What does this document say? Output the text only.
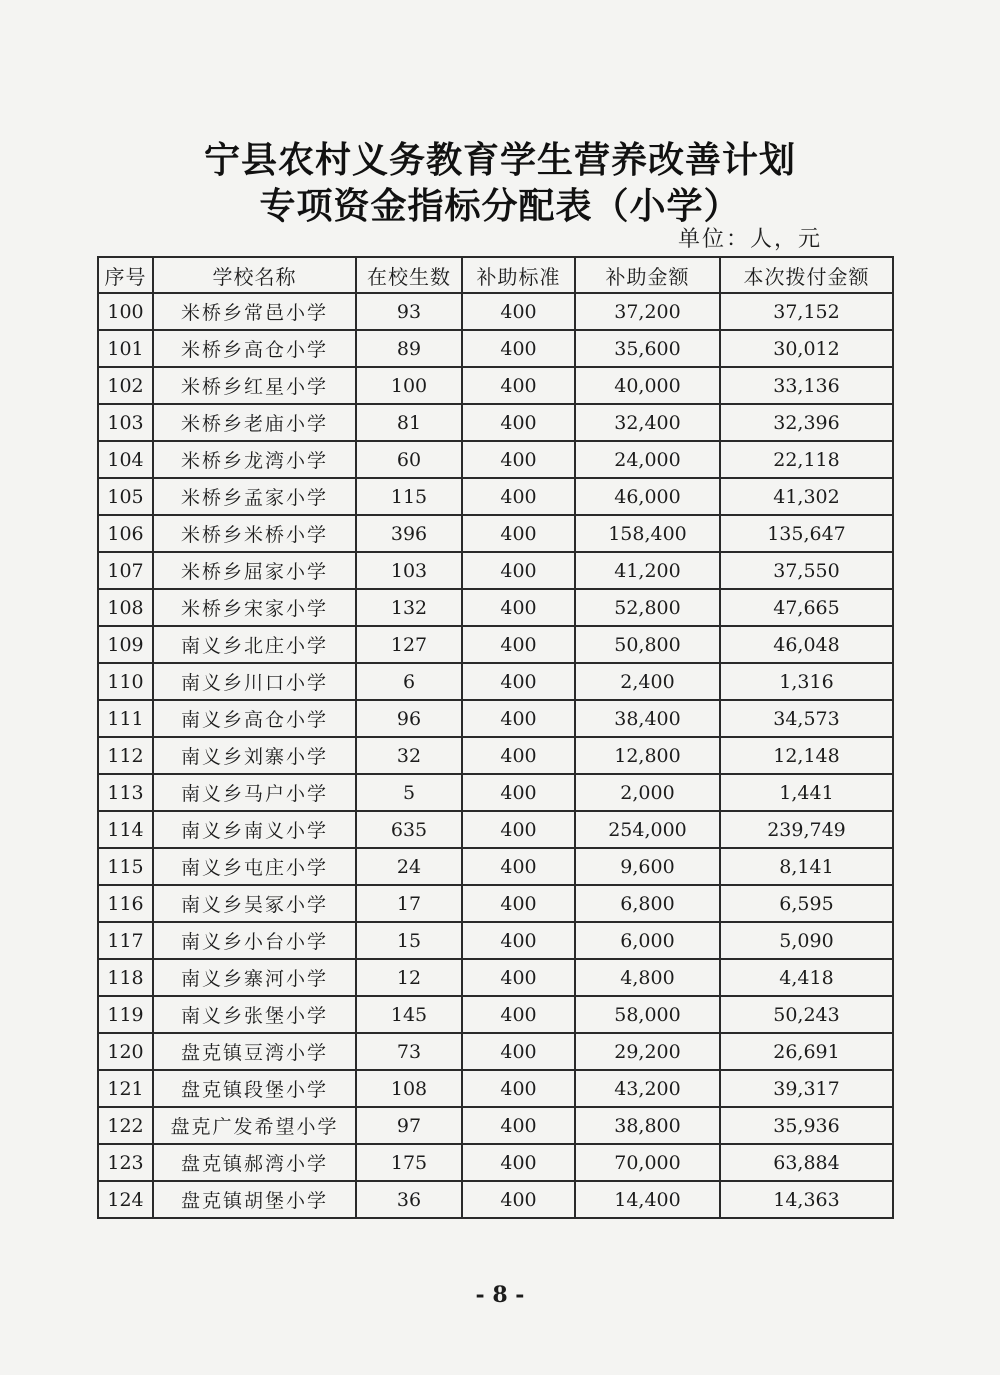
宁县农村义务教育学生营养改善计划
专项资金指标分配表（小学）
单位：人，元
序号	学校名称	在校生数	补助标准	补助金额	本次拨付金额
100	米桥乡常邑小学	93	400	37,200	37,152
101	米桥乡高仓小学	89	400	35,600	30,012
102	米桥乡红星小学	100	400	40,000	33,136
103	米桥乡老庙小学	81	400	32,400	32,396
104	米桥乡龙湾小学	60	400	24,000	22,118
105	米桥乡孟家小学	115	400	46,000	41,302
106	米桥乡米桥小学	396	400	158,400	135,647
107	米桥乡屈家小学	103	400	41,200	37,550
108	米桥乡宋家小学	132	400	52,800	47,665
109	南义乡北庄小学	127	400	50,800	46,048
110	南义乡川口小学	6	400	2,400	1,316
111	南义乡高仓小学	96	400	38,400	34,573
112	南义乡刘寨小学	32	400	12,800	12,148
113	南义乡马户小学	5	400	2,000	1,441
114	南义乡南义小学	635	400	254,000	239,749
115	南义乡屯庄小学	24	400	9,600	8,141
116	南义乡吴冢小学	17	400	6,800	6,595
117	南义乡小台小学	15	400	6,000	5,090
118	南义乡寨河小学	12	400	4,800	4,418
119	南义乡张堡小学	145	400	58,000	50,243
120	盘克镇豆湾小学	73	400	29,200	26,691
121	盘克镇段堡小学	108	400	43,200	39,317
122	盘克广发希望小学	97	400	38,800	35,936
123	盘克镇郝湾小学	175	400	70,000	63,884
124	盘克镇胡堡小学	36	400	14,400	14,363
- 8 -
